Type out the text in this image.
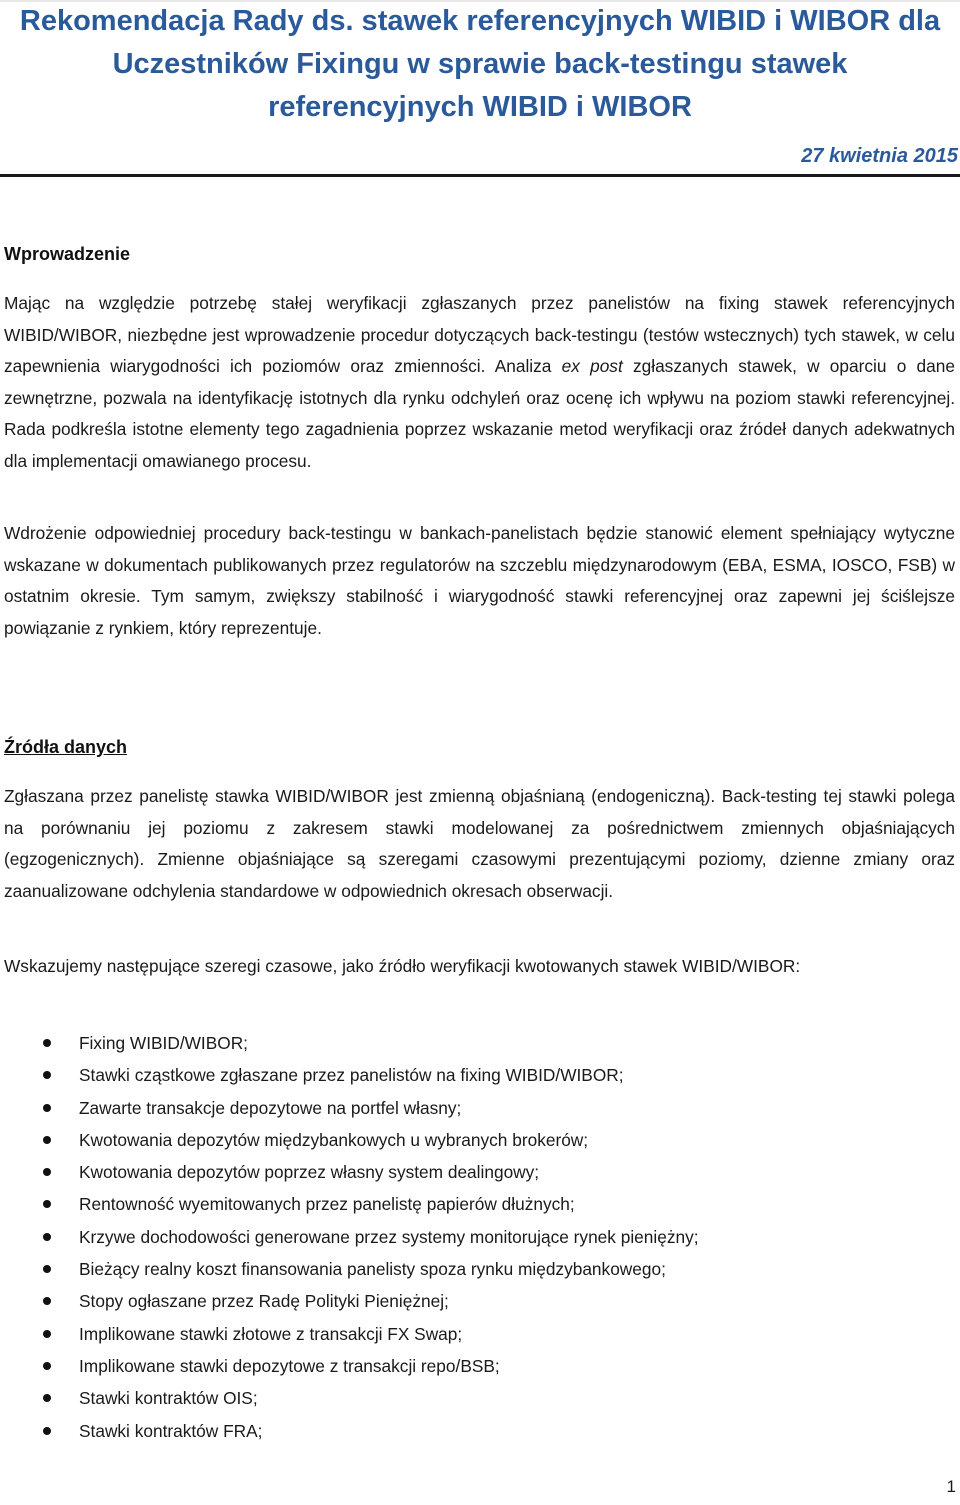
Rekomendacja Rady ds. stawek referencyjnych WIBID i WIBOR dla
Uczestników Fixingu w sprawie back-testingu stawek
referencyjnych WIBID i WIBOR
27 kwietnia 2015
Wprowadzenie

Mając na względzie potrzebę stałej weryfikacji zgłaszanych przez panelistów na fixing stawek referencyjnych WIBID/WIBOR, niezbędne jest wprowadzenie procedur dotyczących back-testingu (testów wstecznych) tych stawek, w celu zapewnienia wiarygodności ich poziomów oraz zmienności. Analiza ex post zgłaszanych stawek, w oparciu o dane zewnętrzne, pozwala na identyfikację istotnych dla rynku odchyleń oraz ocenę ich wpływu na poziom stawki referencyjnej. Rada podkreśla istotne elementy tego zagadnienia poprzez wskazanie metod weryfikacji oraz źródeł danych adekwatnych dla implementacji omawianego procesu.

Wdrożenie odpowiedniej procedury back-testingu w bankach-panelistach będzie stanowić element spełniający wytyczne wskazane w dokumentach publikowanych przez regulatorów na szczeblu międzynarodowym (EBA, ESMA, IOSCO, FSB) w ostatnim okresie. Tym samym, zwiększy stabilność i wiarygodność stawki referencyjnej oraz zapewni jej ściślejsze powiązanie z rynkiem, który reprezentuje.

Źródła danych

Zgłaszana przez panelistę stawka WIBID/WIBOR jest zmienną objaśnianą (endogeniczną). Back-testing tej stawki polega na porównaniu jej poziomu z zakresem stawki modelowanej za pośrednictwem zmiennych objaśniających (egzogenicznych). Zmienne objaśniające są szeregami czasowymi prezentującymi poziomy, dzienne zmiany oraz zaanualizowane odchylenia standardowe w odpowiednich okresach obserwacji.

Wskazujemy następujące szeregi czasowe, jako źródło weryfikacji kwotowanych stawek WIBID/WIBOR:

Fixing WIBID/WIBOR;
Stawki cząstkowe zgłaszane przez panelistów na fixing WIBID/WIBOR;
Zawarte transakcje depozytowe na portfel własny;
Kwotowania depozytów międzybankowych u wybranych brokerów;
Kwotowania depozytów poprzez własny system dealingowy;
Rentowność wyemitowanych przez panelistę papierów dłużnych;
Krzywe dochodowości generowane przez systemy monitorujące rynek pieniężny;
Bieżący realny koszt finansowania panelisty spoza rynku międzybankowego;
Stopy ogłaszane przez Radę Polityki Pieniężnej;
Implikowane stawki złotowe z transakcji FX Swap;
Implikowane stawki depozytowe z transakcji repo/BSB;
Stawki kontraktów OIS;
Stawki kontraktów FRA;
1
